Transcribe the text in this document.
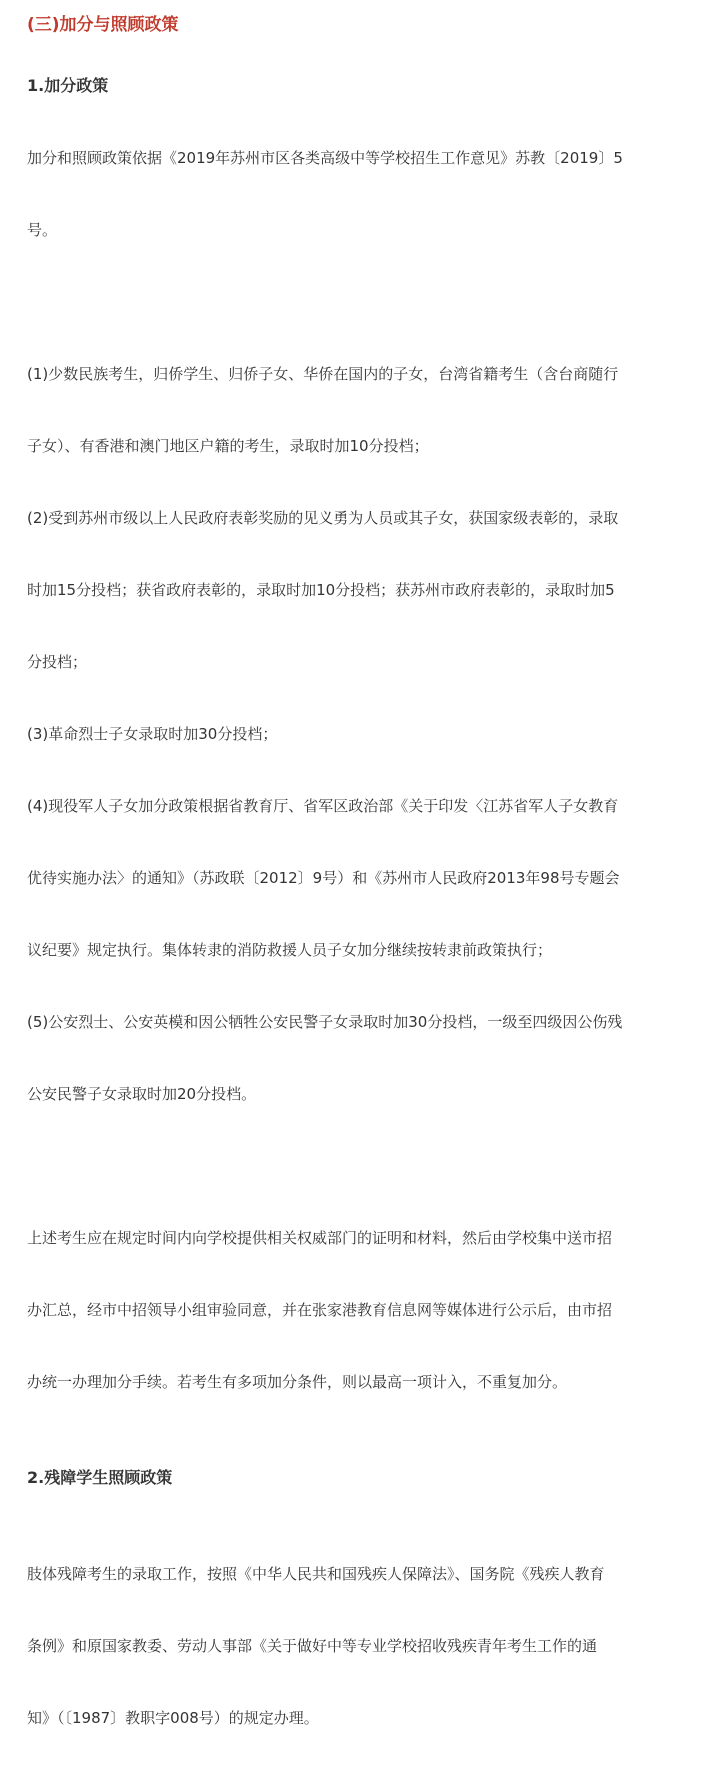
(三)加分与照顾政策
1.加分政策

加分和照顾政策依据《2019年苏州市区各类高级中等学校招生工作意见》苏教〔2019〕5

号。

(1)少数民族考生，归侨学生、归侨子女、华侨在国内的子女，台湾省籍考生（含台商随行

子女）、有香港和澳门地区户籍的考生，录取时加10分投档；

(2)受到苏州市级以上人民政府表彰奖励的见义勇为人员或其子女，获国家级表彰的，录取

时加15分投档；获省政府表彰的，录取时加10分投档；获苏州市政府表彰的，录取时加5

分投档；

(3)革命烈士子女录取时加30分投档；

(4)现役军人子女加分政策根据省教育厅、省军区政治部《关于印发〈江苏省军人子女教育

优待实施办法〉的通知》（苏政联〔2012〕9号）和《苏州市人民政府2013年98号专题会

议纪要》规定执行。集体转隶的消防救援人员子女加分继续按转隶前政策执行；

(5)公安烈士、公安英模和因公牺牲公安民警子女录取时加30分投档，一级至四级因公伤残

公安民警子女录取时加20分投档。

上述考生应在规定时间内向学校提供相关权威部门的证明和材料，然后由学校集中送市招

办汇总，经市中招领导小组审验同意，并在张家港教育信息网等媒体进行公示后，由市招

办统一办理加分手续。若考生有多项加分条件，则以最高一项计入，不重复加分。

2.残障学生照顾政策

肢体残障考生的录取工作，按照《中华人民共和国残疾人保障法》、国务院《残疾人教育

条例》和原国家教委、劳动人事部《关于做好中等专业学校招收残疾青年考生工作的通

知》（〔1987〕教职字008号）的规定办理。
